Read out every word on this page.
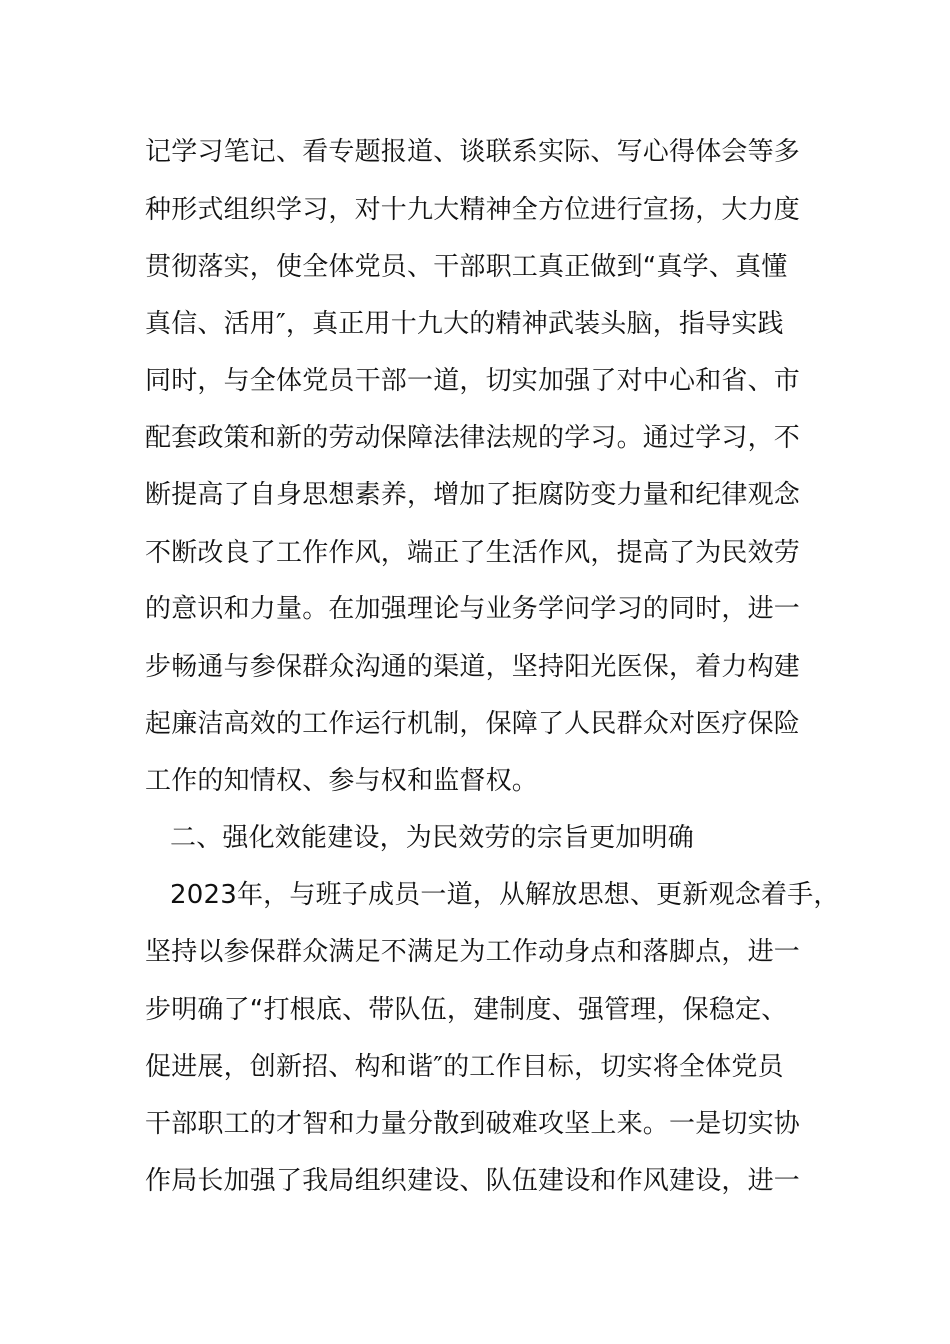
记学习笔记、看专题报道、谈联系实际、写心得体会等多
种形式组织学习，对十九大精神全方位进行宣扬，大力度
贯彻落实，使全体党员、干部职工真正做到“真学、真懂
真信、活用″，真正用十九大的精神武装头脑，指导实践
同时，与全体党员干部一道，切实加强了对中心和省、市
配套政策和新的劳动保障法律法规的学习。通过学习，不
断提高了自身思想素养，增加了拒腐防变力量和纪律观念
不断改良了工作作风，端正了生活作风，提高了为民效劳
的意识和力量。在加强理论与业务学问学习的同时，进一
步畅通与参保群众沟通的渠道，坚持阳光医保，着力构建
起廉洁高效的工作运行机制，保障了人民群众对医疗保险
工作的知情权、参与权和监督权。
二、强化效能建设，为民效劳的宗旨更加明确
2023年，与班子成员一道，从解放思想、更新观念着手，
坚持以参保群众满足不满足为工作动身点和落脚点，进一
步明确了“打根底、带队伍，建制度、强管理，保稳定、
促进展，创新招、构和谐″的工作目标，切实将全体党员
干部职工的才智和力量分散到破难攻坚上来。一是切实协
作局长加强了我局组织建设、队伍建设和作风建设，进一
